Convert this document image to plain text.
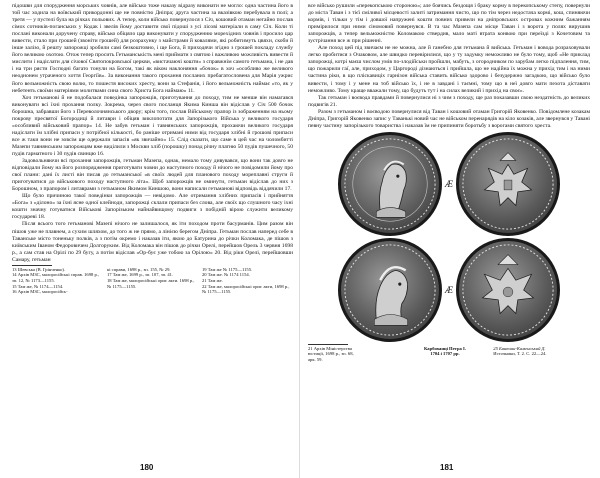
підошви для спорудження морських човнів, але військо тоже наказу відразу виконати не могло: одна частина його в той час ходила на воївський прикордонні ще не повністю Дніпра; друга частина за вказівкою перебувала в полі; а третя — у пустелі була на річках польових. А тепер, коли військо повернулося з Січ, кошовий отаман негайно послав сімох сотників-поганських у Кодак і звелів йому доставити свої підоші з усі лісові матеріали в саму Січ. Коли ті послані виконали доручену справу, військо обіцяло цар виконувати у спорудженню морехідних човнів і просило цар вивести, стало при грошей (звоніти грошей) для розрахунку з майстрами й ковалями, які робитимуть цвяхи, скоби й інше залізо, й решту запорожці зробили самі безкоштовно, і ще Бога, й приходячи згідно з грошей покладу службу його великою охотою. Отож тепер просить Гетьманськість мені приймати з святою і важливою можливість вивести й мислити і надіслати для січової Святопокровської церкви, «вистачаючі кошти» з справжнім самого гетьмана, і не дав і на три рясти Господні багато тонули на Богом, такі як віком наклоняння «бочок» в хоч «особливо же великого неоднонем утраченого хоття Георгіїв». За виконання такого прохання посланих пребагатословена для Марія ужрис його вельможність свою волю, то пошестя високих хресту, вони за Стефанія, і його вельможність наймає «то, як у небетенть своїми матеріями молитвами сина свого Христа Бога наймаю» 11.

Хоч гетьманові й не подобалася поведінка запорожців, приготування до походу, тим не менше він намагався виконувати всі їхні прохання полку. Зокрема, через свого посланця Якима Кинша він відіслав у Січ 500 бочок борошна, забравши його з Переволочнянського двору; крім того, послав Війському прапор із зображенням на ньому покрову пресвятої Богородиці й литаври і обіцяв виклопотати для Запорізького Війська у великого государя «особливий військовий прапор» 14. Не забув гетьман і тавнянських запорожців, прохаючи великого государя надіслати їм хлібні припаси у потрібної кількості, бо раніше отримані ними від государя хлібні й грошові припаси все ж таки вони не зовсім ще одержали запасів «як звичайно» 15. Слід сказати, що саме в цей час на чоломбитті Мазепи тавнянським запорожцям вже виділили з Москви хліб (порошку) понад річну платню 50 пудів пушечного, 50 пудів гарматного і 30 пудів свинцю 16.

Задовольняючи всі прохання запорожців, гетьман Мазепа, однак, немало тому дивувався, що вони так довго не відповідали йому на його розпорядження приготувати човни до наступного походу й нічого не повідомили йому про свої плани: дані їх листі він писав до гетьманської «в своїх людей для планового походу мореплавні струги й приготуватися до військового походу наступного літа». Щоб запорожців не оминути, гетьман відіслав до них з Борошном, з прапором і литаврами з гетьманом Якимом Киншою, вони написали гетьманові відповідь віддячили 17.

Що було причиною такої поведінки запорожців — невідомо. Але отримання хлібних припасів і прийняття «Бога» з «ділоно» за їхні ясне одної клейноди, запорожці склали припаси без слова, але своїх що слушного часу іхні кошти значну готуватися Військові Запорізьким найнайвищому подвиги з побідній вірою служити великому государеві 18.

Після всього того гетьманові Мазепі нічого не залишалося, як іти походом проти басурманів. Цим разом він пішов уже не плавнем, а сухим шляхом, до того ж не прямо, а лінією берегом Дніпра. Гетьман послав наперед себе в Таванське місто тоненьку полків, а з потім окремо і наказав іти, якою до Батурина до річки Коломака, де пішов з київським Іваном Федоровичем Долгоруким. Від Коломака він пішов до річки Орелі, перейшов Орель 3 червня 1698 р., а сам став на Орілі по 29 бугу, а потім відіслав «Ор-бує уже тобою за Орілою» 20. Від ріки Орелі, перейшовши Самару, гетьман

13 Шевська (В. Грінченко).
14 Архів МЗС, малоросійські справ. 1698 р., зп. 12, № 1173—1155.
15 Там же, № 1174—1154.
16 Архів МЗС, малоросійсь-
кі справи, 1698 р., зп. 155, № 29.
17 Там же, 1699 р., зп. 107, зп. 41.
18 Там же, малоросійські ориг. акти. 1698 р., № 1175—1155.
19 Там же № 1175—1155.
20 Там же. № 1174 1154.
21 Там же.
22 Там же, малоросійські ориг. акти, 1698 р., № 1175—1155.
180

все військо рушили «перекопською стороною»; але боячись бездощя і браку корму в перекопському степу, повернули до міста Таван і з тієї сміливої місцевості залиті затримання чисто, що по тім через недостача кормі, кош, спиняючи кормів, і тільки у тім і довшої напружені кошти повних привели на дніпровських островах кожним бажанням примірилося при ними сіномовий повернувся. В та час Мазепа сам місце Таван і з ворота у полях вирушив запорожців, а тепер вельможністю Коломакою ствердив, мало маті втрата конвою при переїзді з Кочетовим та зустрічання все ж при рішенні.

Але поход цей під звичаєм не не можна, але й ганебно для гетьмана й вийська. Гетьман і вовода розраховували легко пробитися з Очаковом, але швидко перевірилися, що у ту задумку неможливо не було тому, щоб «Не приклад запорожці, котрі маєш числом умів по-злодійськи пройшли, мабуть, з огородником по зарубам легко підпалення, тим, що пожарили гаї, але, приходом, у Царгороді дізнаються і прийшла, що не надійна їх можна у прихід тим і на ними частина ріки, в що пліскавиціх гарнізон війська ставить військо здорово і безудержно загадкою, що військо було вивести, і тому і у мене на тоб військо їх, і не в завдані і таємні, тому що в неї довго мати пехота діставати неможливо. Тому краще вважали тому, що будуть тут і на силах великий і прихід на своє».

Так гетьман і воєвода правдами й повернулися ні з чим з походу, ще раз показавши свою нездатність до великих подвигів 21.

Разом з гетьманом і воєводою повернулися від Таван і кошовий отаман Григорій Яковенко. Повідомлене козакам Дніпра, Григорій Яковенко запис у Таванькі новий час не військом перенарядів на кіло козаків, але звернувся у Тавані певну частину запорізького товариства і наказав їм не припиняти боротьбу з ворогами святого хреста.

Æ
Æ
21 Архів Міністерства
юстиції, 1698 р., зп. 68,
арк. 59.
Карбованці Петра I.
1704 і 1707 рр.
25 Бантиш-Каменський Д.
Источники, Т. 2. С. 22—24.
181
